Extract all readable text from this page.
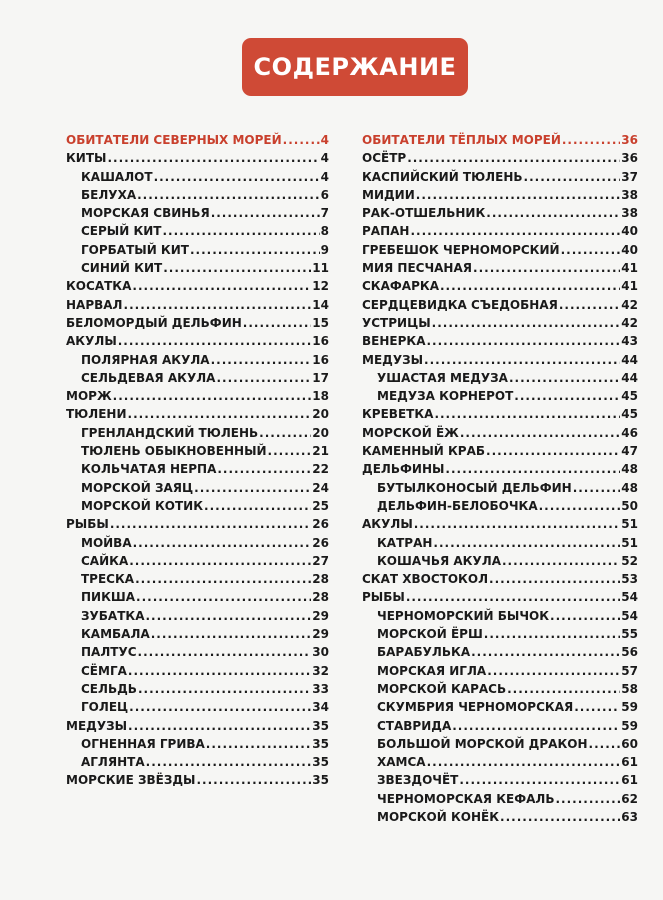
СОДЕРЖАНИЕ
ОБИТАТЕЛИ СЕВЕРНЫХ МОРЕЙ .....	4
КИТЫ .....	4
КАШАЛОТ .....	4
БЕЛУХА .....	6
МОРСКАЯ СВИНЬЯ .....	7
СЕРЫЙ КИТ .....	8
ГОРБАТЫЙ КИТ .....	9
СИНИЙ КИТ .....	11
КОСАТКА .....	12
НАРВАЛ .....	14
БЕЛОМОРДЫЙ ДЕЛЬФИН .....	15
АКУЛЫ .....	16
ПОЛЯРНАЯ АКУЛА .....	16
СЕЛЬДЕВАЯ АКУЛА .....	17
МОРЖ .....	18
ТЮЛЕНИ .....	20
ГРЕНЛАНДСКИЙ ТЮЛЕНЬ .....	20
ТЮЛЕНЬ ОБЫКНОВЕННЫЙ .....	21
КОЛЬЧАТАЯ НЕРПА .....	22
МОРСКОЙ ЗАЯЦ .....	24
МОРСКОЙ КОТИК .....	25
РЫБЫ .....	26
МОЙВА .....	26
САЙКА .....	27
ТРЕСКА .....	28
ПИКША .....	28
ЗУБАТКА .....	29
КАМБАЛА .....	29
ПАЛТУС .....	30
СЁМГА .....	32
СЕЛЬДЬ .....	33
ГОЛЕЦ .....	34
МЕДУЗЫ .....	35
ОГНЕННАЯ ГРИВА .....	35
АГЛЯНТА .....	35
МОРСКИЕ ЗВЁЗДЫ .....	35
ОБИТАТЕЛИ ТЁПЛЫХ МОРЕЙ .....	36
ОСЁТР .....	36
КАСПИЙСКИЙ ТЮЛЕНЬ .....	37
МИДИИ .....	38
РАК-ОТШЕЛЬНИК .....	38
РАПАН .....	40
ГРЕБЕШОК ЧЕРНОМОРСКИЙ .....	40
МИЯ ПЕСЧАНАЯ .....	41
СКАФАРКА .....	41
СЕРДЦЕВИДКА СЪЕДОБНАЯ .....	42
УСТРИЦЫ .....	42
ВЕНЕРКА .....	43
МЕДУЗЫ .....	44
УШАСТАЯ МЕДУЗА .....	44
МЕДУЗА КОРНЕРОТ .....	45
КРЕВЕТКА .....	45
МОРСКОЙ ЁЖ .....	46
КАМЕННЫЙ КРАБ .....	47
ДЕЛЬФИНЫ .....	48
БУТЫЛКОНОСЫЙ ДЕЛЬФИН .....	48
ДЕЛЬФИН-БЕЛОБОЧКА .....	50
АКУЛЫ .....	51
КАТРАН .....	51
КОШАЧЬЯ АКУЛА .....	52
СКАТ ХВОСТОКОЛ .....	53
РЫБЫ .....	54
ЧЕРНОМОРСКИЙ БЫЧОК .....	54
МОРСКОЙ ЁРШ .....	55
БАРАБУЛЬКА .....	56
МОРСКАЯ ИГЛА .....	57
МОРСКОЙ КАРАСЬ .....	58
СКУМБРИЯ ЧЕРНОМОРСКАЯ .....	59
СТАВРИДА .....	59
БОЛЬШОЙ МОРСКОЙ ДРАКОН .....	60
ХАМСА .....	61
ЗВЕЗДОЧЁТ .....	61
ЧЕРНОМОРСКАЯ КЕФАЛЬ .....	62
МОРСКОЙ КОНЁК .....	63
